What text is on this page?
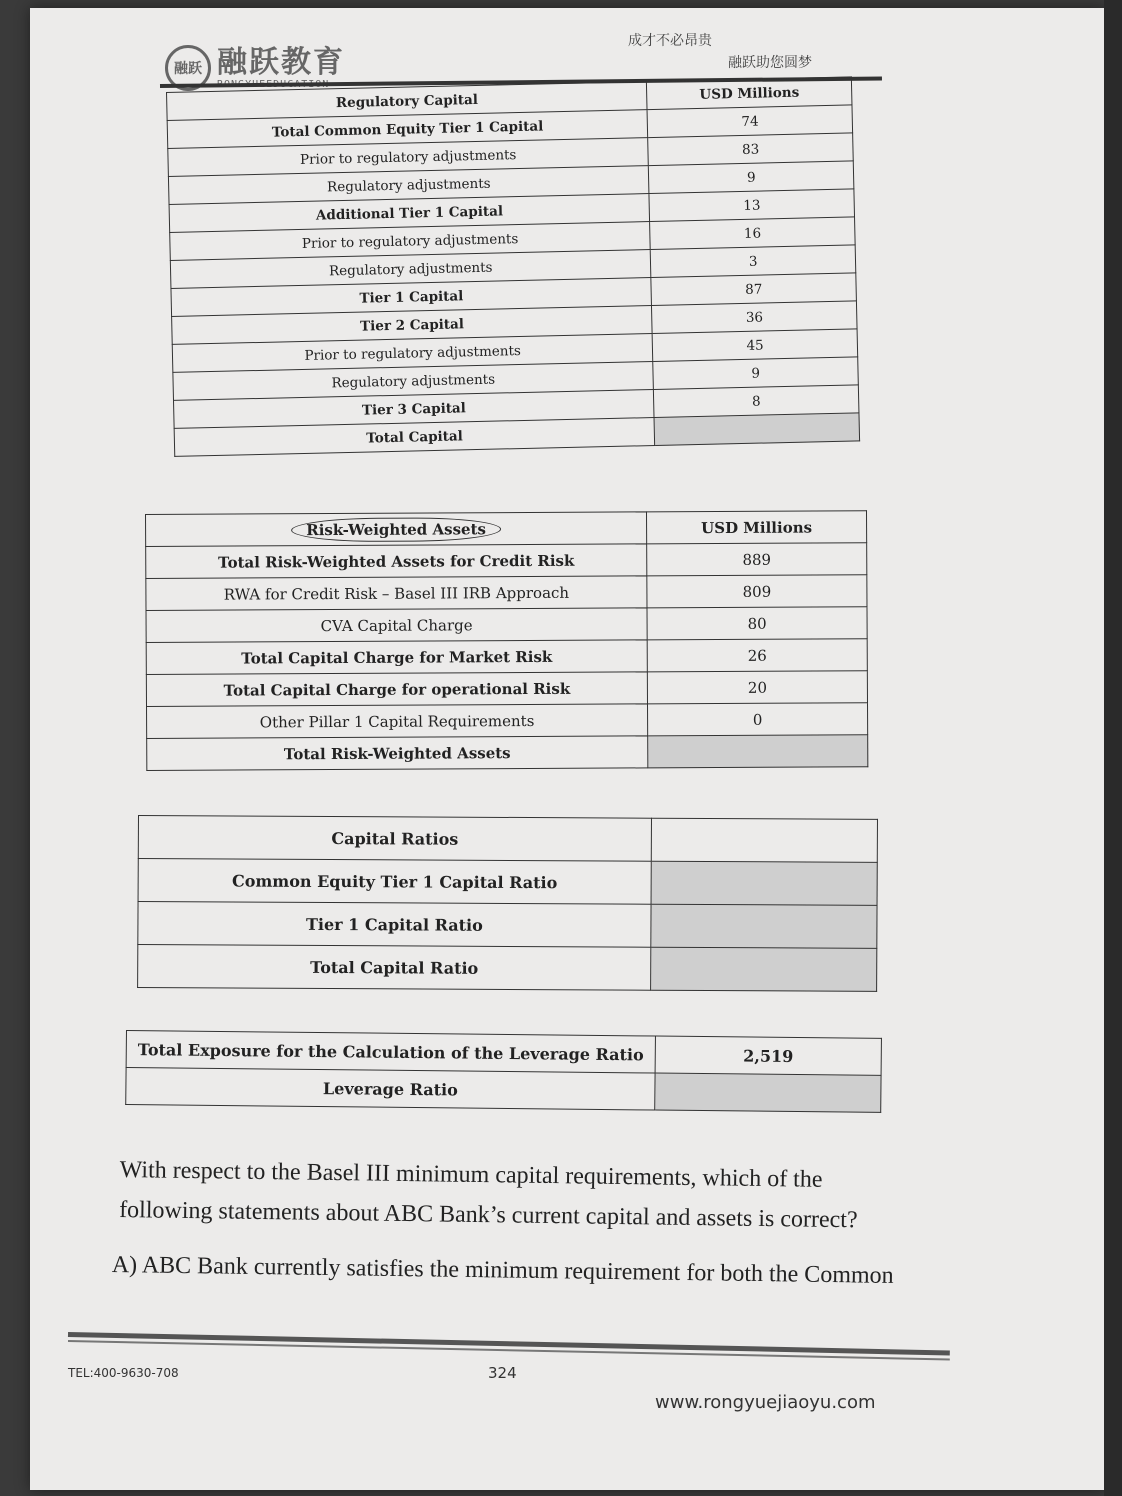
融跃 融跃教育
成才不必昂贵
融跃助您圆梦
Regulatory Capital	USD Millions
Total Common Equity Tier 1 Capital	74
Prior to regulatory adjustments	83
Regulatory adjustments	9
Additional Tier 1 Capital	13
Prior to regulatory adjustments	16
Regulatory adjustments	3
Tier 1 Capital	87
Tier 2 Capital	36
Prior to regulatory adjustments	45
Regulatory adjustments	9
Tier 3 Capital	8
Total Capital	
Risk-Weighted Assets	USD Millions
Total Risk-Weighted Assets for Credit Risk	889
RWA for Credit Risk – Basel III IRB Approach	809
CVA Capital Charge	80
Total Capital Charge for Market Risk	26
Total Capital Charge for operational Risk	20
Other Pillar 1 Capital Requirements	0
Total Risk-Weighted Assets	
Capital Ratios	
Common Equity Tier 1 Capital Ratio	
Tier 1 Capital Ratio	
Total Capital Ratio	
Total Exposure for the Calculation of the Leverage Ratio	2,519
Leverage Ratio	
With respect to the Basel III minimum capital requirements, which of the
following statements about ABC Bank’s current capital and assets is correct?
A) ABC Bank currently satisfies the minimum requirement for both the Common
TEL:400-9630-708	324
www.rongyuejiaoyu.com
